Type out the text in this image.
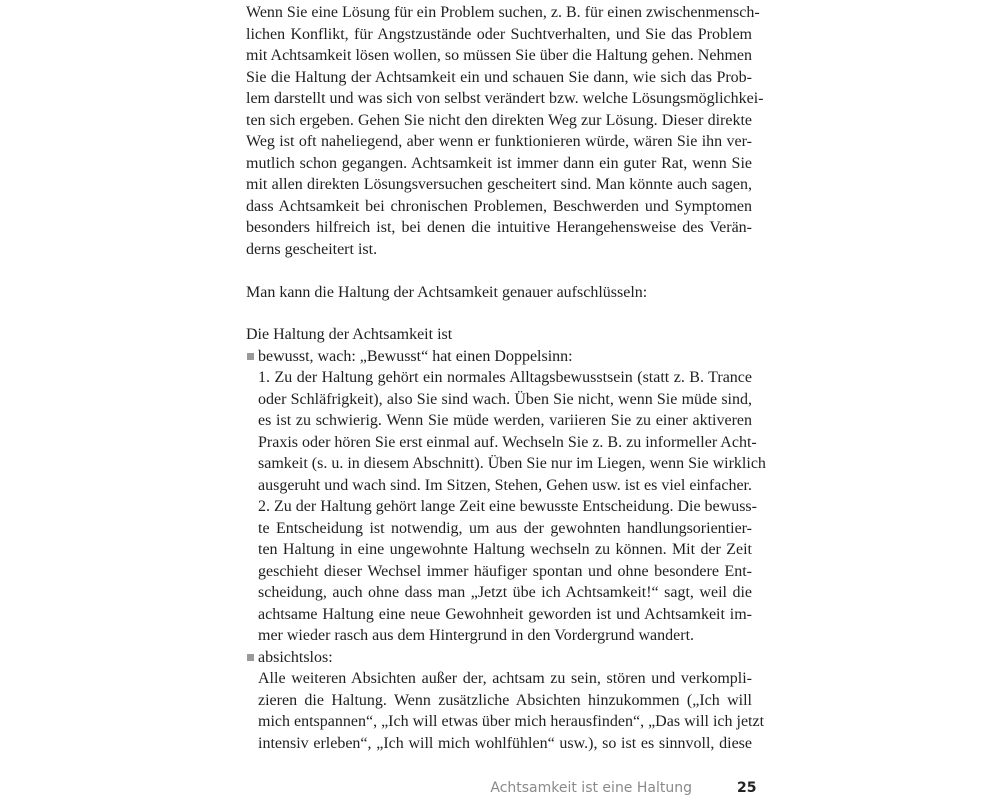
Wenn Sie eine Lösung für ein Problem suchen, z. B. für einen zwischenmensch-
lichen Konflikt, für Angstzustände oder Suchtverhalten, und Sie das Problem
mit Achtsamkeit lösen wollen, so müssen Sie über die Haltung gehen. Nehmen
Sie die Haltung der Achtsamkeit ein und schauen Sie dann, wie sich das Prob-
lem darstellt und was sich von selbst verändert bzw. welche Lösungsmöglichkei-
ten sich ergeben. Gehen Sie nicht den direkten Weg zur Lösung. Dieser direkte
Weg ist oft naheliegend, aber wenn er funktionieren würde, wären Sie ihn ver-
mutlich schon gegangen. Achtsamkeit ist immer dann ein guter Rat, wenn Sie
mit allen direkten Lösungsversuchen gescheitert sind. Man könnte auch sagen,
dass Achtsamkeit bei chronischen Problemen, Beschwerden und Symptomen
besonders hilfreich ist, bei denen die intuitive Herangehensweise des Verän-
derns gescheitert ist.
Man kann die Haltung der Achtsamkeit genauer aufschlüsseln:
Die Haltung der Achtsamkeit ist
bewusst, wach: „Bewusst“ hat einen Doppelsinn:
1. Zu der Haltung gehört ein normales Alltagsbewusstsein (statt z. B. Trance
oder Schläfrigkeit), also Sie sind wach. Üben Sie nicht, wenn Sie müde sind,
es ist zu schwierig. Wenn Sie müde werden, variieren Sie zu einer aktiveren
Praxis oder hören Sie erst einmal auf. Wechseln Sie z. B. zu informeller Acht-
samkeit (s. u. in diesem Abschnitt). Üben Sie nur im Liegen, wenn Sie wirklich
ausgeruht und wach sind. Im Sitzen, Stehen, Gehen usw. ist es viel einfacher.
2. Zu der Haltung gehört lange Zeit eine bewusste Entscheidung. Die bewuss-
te Entscheidung ist notwendig, um aus der gewohnten handlungsorientier-
ten Haltung in eine ungewohnte Haltung wechseln zu können. Mit der Zeit
geschieht dieser Wechsel immer häufiger spontan und ohne besondere Ent-
scheidung, auch ohne dass man „Jetzt übe ich Achtsamkeit!“ sagt, weil die
achtsame Haltung eine neue Gewohnheit geworden ist und Achtsamkeit im-
mer wieder rasch aus dem Hintergrund in den Vordergrund wandert.
absichtslos:
Alle weiteren Absichten außer der, achtsam zu sein, stören und verkompli-
zieren die Haltung. Wenn zusätzliche Absichten hinzukommen („Ich will
mich entspannen“, „Ich will etwas über mich herausfinden“, „Das will ich jetzt
intensiv erleben“, „Ich will mich wohlfühlen“ usw.), so ist es sinnvoll, diese
Achtsamkeit ist eine Haltung	25
